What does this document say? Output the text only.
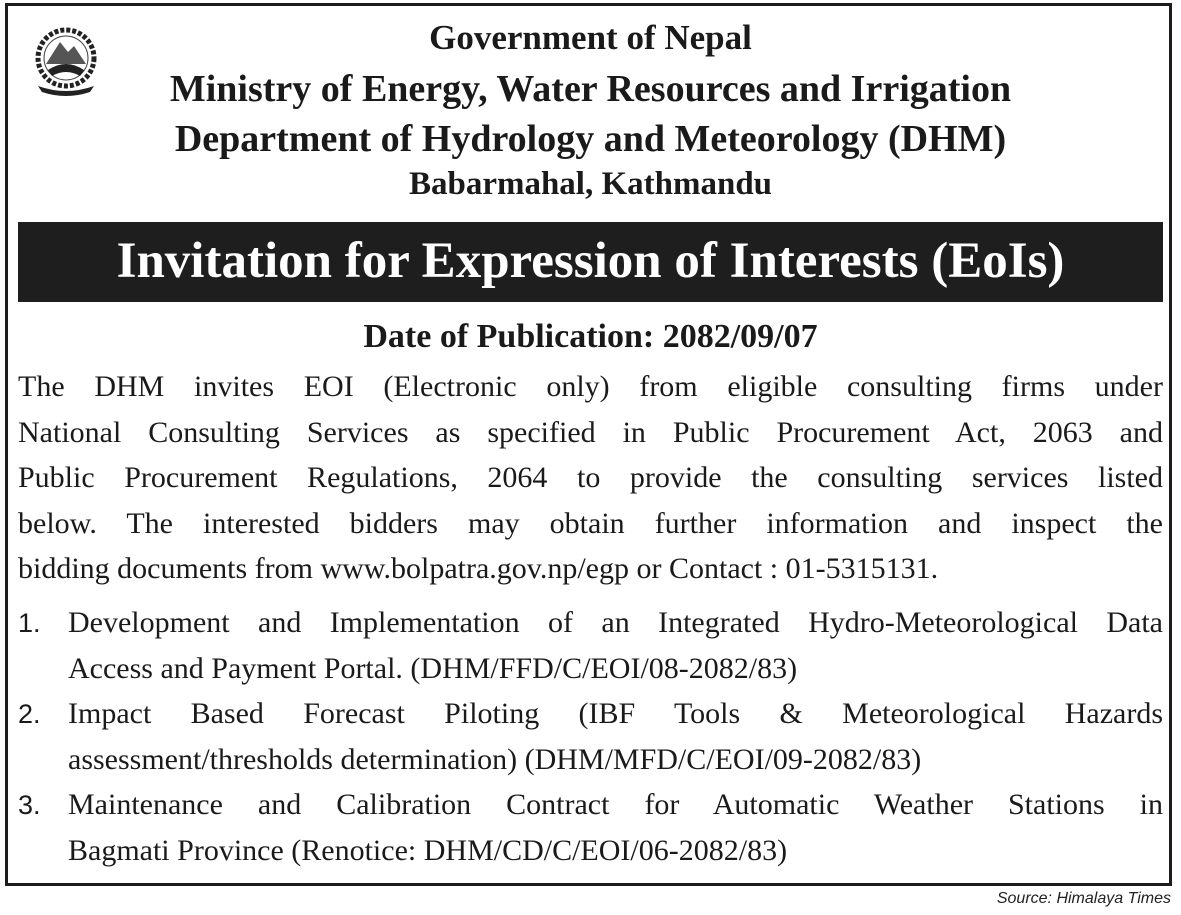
Government of Nepal
Ministry of Energy, Water Resources and Irrigation
Department of Hydrology and Meteorology (DHM)
Babarmahal, Kathmandu
Invitation for Expression of Interests (EoIs)
Date of Publication: 2082/09/07
The DHM invites EOI (Electronic only) from eligible consulting firms under
National Consulting Services as specified in Public Procurement Act, 2063 and
Public Procurement Regulations, 2064 to provide the consulting services listed
below. The interested bidders may obtain further information and inspect the
bidding documents from www.bolpatra.gov.np/egp or Contact : 01-5315131.
1. Development and Implementation of an Integrated Hydro-Meteorological Data
Access and Payment Portal. (DHM/FFD/C/EOI/08-2082/83)
2. Impact Based Forecast Piloting (IBF Tools & Meteorological Hazards
assessment/thresholds determination) (DHM/MFD/C/EOI/09-2082/83)
3. Maintenance and Calibration Contract for Automatic Weather Stations in
Bagmati Province (Renotice: DHM/CD/C/EOI/06-2082/83)
Source: Himalaya Times
